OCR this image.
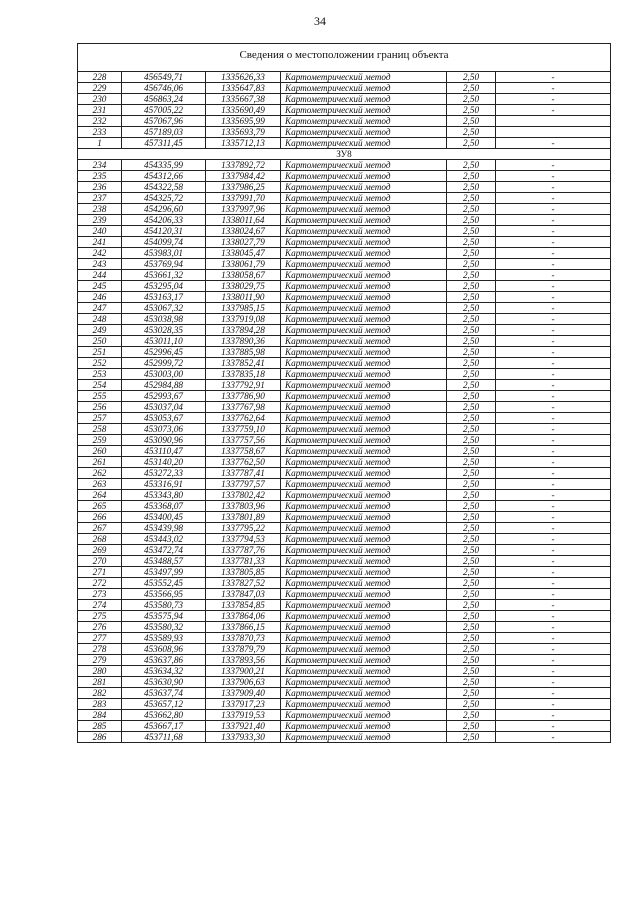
34
Сведения о местоположении границ объекта					
228	456549,71	1335626,33	Картометрический метод	2,50	-
229	456746,06	1335647,83	Картометрический метод	2,50	-
230	456863,24	1335667,38	Картометрический метод	2,50	-
231	457005,22	1335690,49	Картометрический метод	2,50	-
232	457067,96	1335695,99	Картометрический метод	2,50	
233	457189,03	1335693,79	Картометрический метод	2,50	
1	457311,45	1335712,13	Картометрический метод	2,50	-
ЗУ8					
234	454335,99	1337892,72	Картометрический метод	2,50	-
235	454312,66	1337984,42	Картометрический метод	2,50	-
236	454322,58	1337986,25	Картометрический метод	2,50	-
237	454325,72	1337991,70	Картометрический метод	2,50	-
238	454296,60	1337997,96	Картометрический метод	2,50	-
239	454206,33	1338011,64	Картометрический метод	2,50	-
240	454120,31	1338024,67	Картометрический метод	2,50	-
241	454099,74	1338027,79	Картометрический метод	2,50	-
242	453983,01	1338045,47	Картометрический метод	2,50	-
243	453769,94	1338061,79	Картометрический метод	2,50	-
244	453661,32	1338058,67	Картометрический метод	2,50	-
245	453295,04	1338029,75	Картометрический метод	2,50	-
246	453163,17	1338011,90	Картометрический метод	2,50	-
247	453067,32	1337985,15	Картометрический метод	2,50	-
248	453038,98	1337919,08	Картометрический метод	2,50	-
249	453028,35	1337894,28	Картометрический метод	2,50	-
250	453011,10	1337890,36	Картометрический метод	2,50	-
251	452996,45	1337885,98	Картометрический метод	2,50	-
252	452999,72	1337852,41	Картометрический метод	2,50	-
253	453003,00	1337835,18	Картометрический метод	2,50	-
254	452984,88	1337792,91	Картометрический метод	2,50	-
255	452993,67	1337786,90	Картометрический метод	2,50	-
256	453037,04	1337767,98	Картометрический метод	2,50	-
257	453053,67	1337762,64	Картометрический метод	2,50	-
258	453073,06	1337759,10	Картометрический метод	2,50	-
259	453090,96	1337757,56	Картометрический метод	2,50	-
260	453110,47	1337758,67	Картометрический метод	2,50	-
261	453140,20	1337762,50	Картометрический метод	2,50	-
262	453272,33	1337787,41	Картометрический метод	2,50	-
263	453316,91	1337797,57	Картометрический метод	2,50	-
264	453343,80	1337802,42	Картометрический метод	2,50	-
265	453368,07	1337803,96	Картометрический метод	2,50	-
266	453400,45	1337801,89	Картометрический метод	2,50	-
267	453439,98	1337795,22	Картометрический метод	2,50	-
268	453443,02	1337794,53	Картометрический метод	2,50	-
269	453472,74	1337787,76	Картометрический метод	2,50	-
270	453488,57	1337781,33	Картометрический метод	2,50	-
271	453497,99	1337805,85	Картометрический метод	2,50	-
272	453552,45	1337827,52	Картометрический метод	2,50	-
273	453566,95	1337847,03	Картометрический метод	2,50	-
274	453580,73	1337854,85	Картометрический метод	2,50	-
275	453575,94	1337864,06	Картометрический метод	2,50	-
276	453580,32	1337866,15	Картометрический метод	2,50	-
277	453589,93	1337870,73	Картометрический метод	2,50	-
278	453608,96	1337879,79	Картометрический метод	2,50	-
279	453637,86	1337893,56	Картометрический метод	2,50	-
280	453634,32	1337900,21	Картометрический метод	2,50	-
281	453630,90	1337906,63	Картометрический метод	2,50	-
282	453637,74	1337909,40	Картометрический метод	2,50	-
283	453657,12	1337917,23	Картометрический метод	2,50	-
284	453662,80	1337919,53	Картометрический метод	2,50	-
285	453667,17	1337921,40	Картометрический метод	2,50	-
286	453711,68	1337933,30	Картометрический метод	2,50	-
